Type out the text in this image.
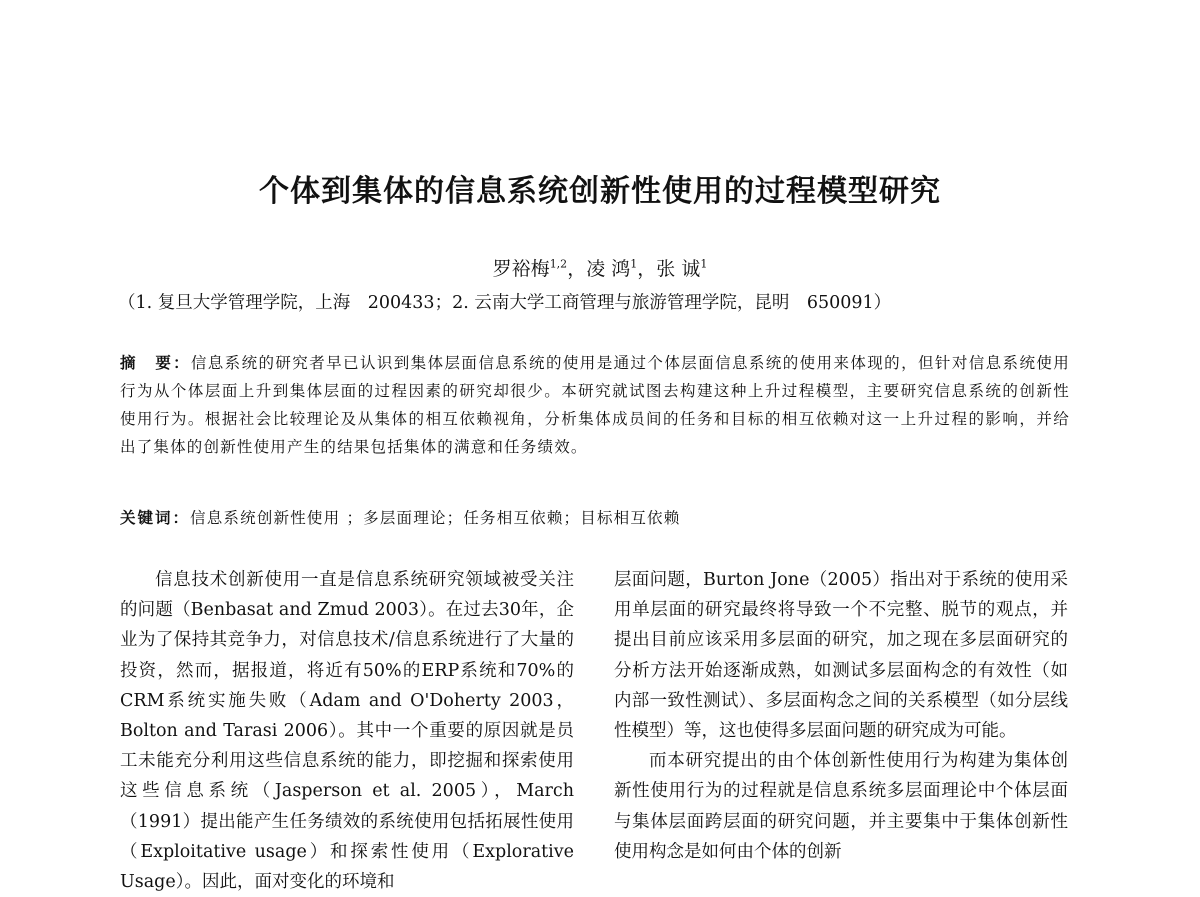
个体到集体的信息系统创新性使用的过程模型研究

罗裕梅$^{1,2}$，凌 鸿$^1$，张 诚$^1$

（1. 复旦大学管理学院，上海　200433；2. 云南大学工商管理与旅游管理学院，昆明　650091）

摘　要：信息系统的研究者早已认识到集体层面信息系统的使用是通过个体层面信息系统的使用来体现的，但针对信息系统使用行为从个体层面上升到集体层面的过程因素的研究却很少。本研究就试图去构建这种上升过程模型，主要研究信息系统的创新性使用行为。根据社会比较理论及从集体的相互依赖视角，分析集体成员间的任务和目标的相互依赖对这一上升过程的影响，并给出了集体的创新性使用产生的结果包括集体的满意和任务绩效。

关键词：信息系统创新性使用 ；多层面理论；任务相互依赖；目标相互依赖

信息技术创新使用一直是信息系统研究领域被受关注的问题（Benbasat and Zmud 2003）。在过去30年，企业为了保持其竞争力，对信息技术/信息系统进行了大量的投资，然而，据报道，将近有50%的ERP系统和70%的CRM系统实施失败（Adam and O'Doherty 2003，Bolton and Tarasi 2006）。其中一个重要的原因就是员工未能充分利用这些信息系统的能力，即挖掘和探索使用这些信息系统（Jasperson et al. 2005），March（1991）提出能产生任务绩效的系统使用包括拓展性使用（Exploitative usage）和探索性使用（Explorative Usage）。因此，面对变化的环境和

层面问题，Burton Jone（2005）指出对于系统的使用采用单层面的研究最终将导致一个不完整、脱节的观点，并提出目前应该采用多层面的研究，加之现在多层面研究的分析方法开始逐渐成熟，如测试多层面构念的有效性（如内部一致性测试）、多层面构念之间的关系模型（如分层线性模型）等，这也使得多层面问题的研究成为可能。

而本研究提出的由个体创新性使用行为构建为集体创新性使用行为的过程就是信息系统多层面理论中个体层面与集体层面跨层面的研究问题，并主要集中于集体创新性使用构念是如何由个体的创新
